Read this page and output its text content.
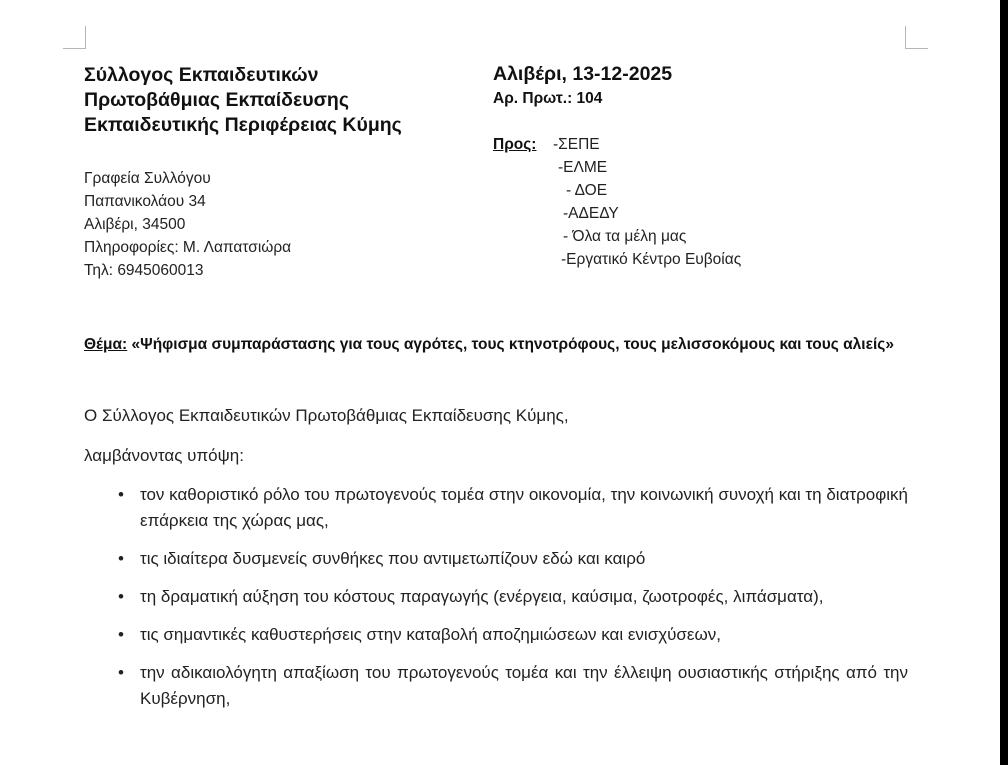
Σύλλογος Εκπαιδευτικών
Πρωτοβάθμιας Εκπαίδευσης
Εκπαιδευτικής Περιφέρειας Κύμης
Γραφεία Συλλόγου
Παπανικολάου 34
Αλιβέρι, 34500
Πληροφορίες: Μ. Λαπατσιώρα
Τηλ: 6945060013
Αλιβέρι, 13-12-2025
Αρ. Πρωτ.: 104
Προς: -ΣΕΠΕ
-ΕΛΜΕ
- ΔΟΕ
-ΑΔΕΔΥ
- Όλα τα μέλη μας
-Εργατικό Κέντρο Ευβοίας
Θέμα: «Ψήφισμα συμπαράστασης για τους αγρότες, τους κτηνοτρόφους, τους μελισσοκόμους και τους αλιείς»
Ο Σύλλογος Εκπαιδευτικών Πρωτοβάθμιας Εκπαίδευσης Κύμης,
λαμβάνοντας υπόψη:
• τον καθοριστικό ρόλο του πρωτογενούς τομέα στην οικονομία, την κοινωνική συνοχή και τη διατροφική επάρκεια της χώρας μας,
• τις ιδιαίτερα δυσμενείς συνθήκες που αντιμετωπίζουν εδώ και καιρό
• τη δραματική αύξηση του κόστους παραγωγής (ενέργεια, καύσιμα, ζωοτροφές, λιπάσματα),
• τις σημαντικές καθυστερήσεις στην καταβολή αποζημιώσεων και ενισχύσεων,
• την αδικαιολόγητη απαξίωση του πρωτογενούς τομέα και την έλλειψη ουσιαστικής στήριξης από την Κυβέρνηση,
